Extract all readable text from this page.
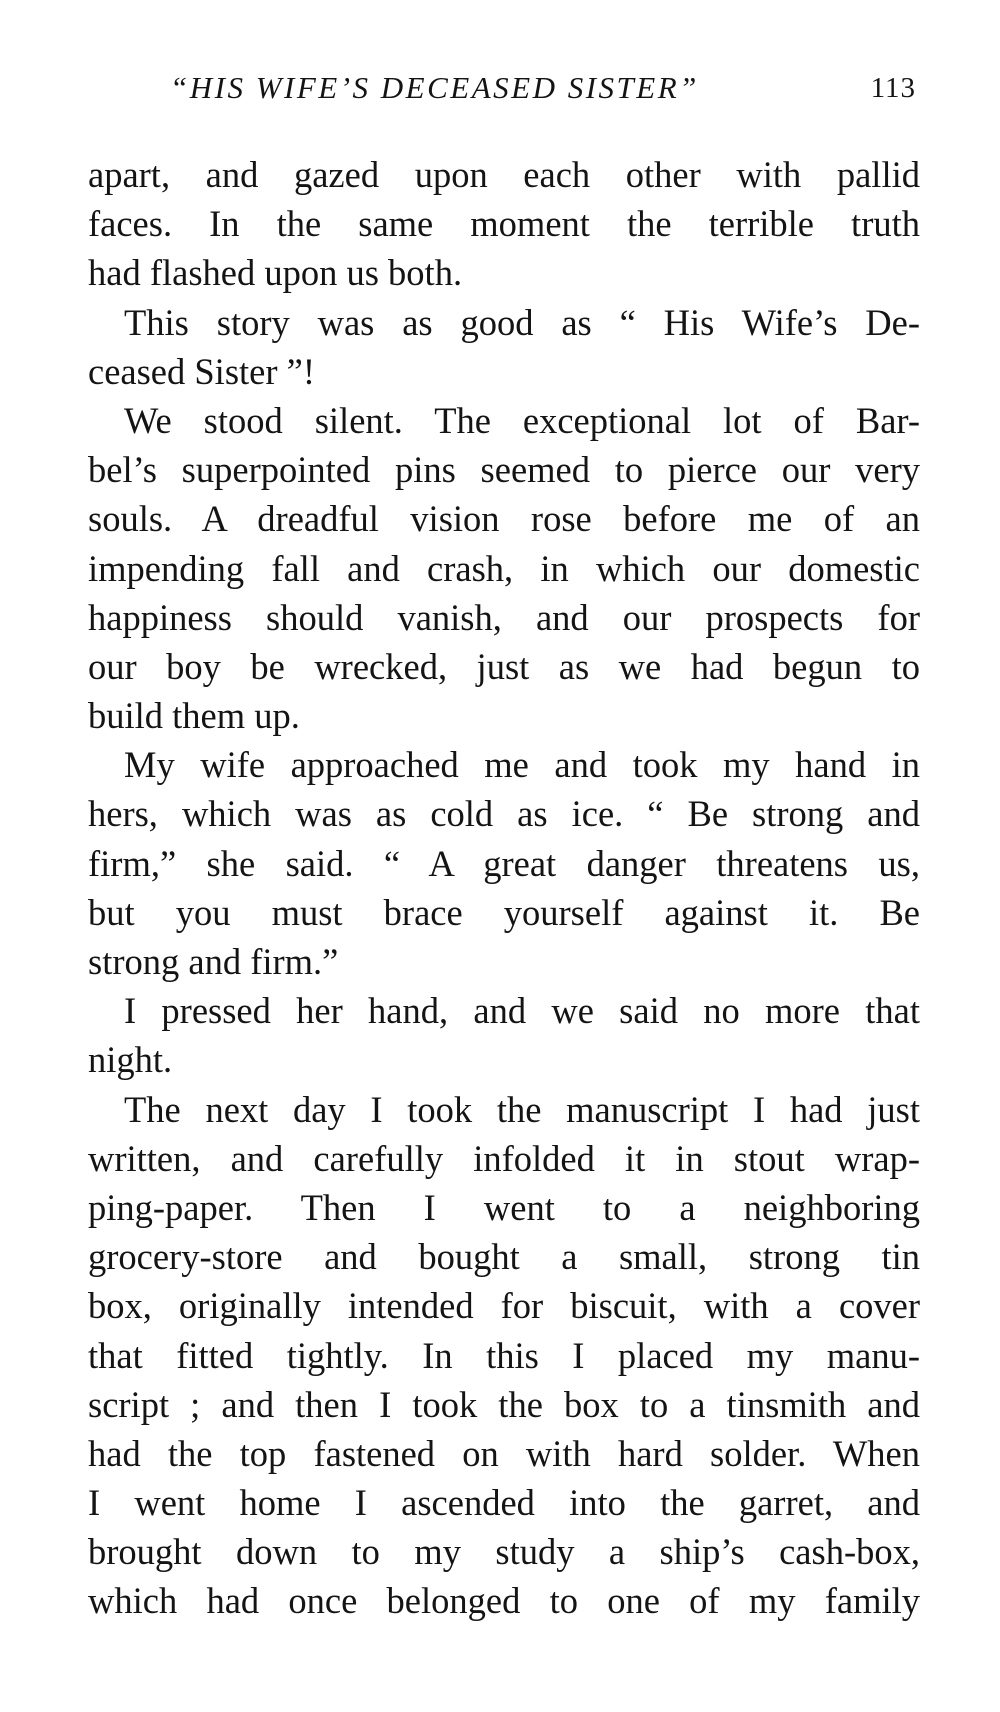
“HIS WIFE’S DECEASED SISTER”	113
apart, and gazed upon each other with pallid
faces. In the same moment the terrible truth
had flashed upon us both.
This story was as good as “ His Wife’s De-
ceased Sister ”!
We stood silent. The exceptional lot of Bar-
bel’s superpointed pins seemed to pierce our very
souls. A dreadful vision rose before me of an
impending fall and crash, in which our domestic
happiness should vanish, and our prospects for
our boy be wrecked, just as we had begun to
build them up.
My wife approached me and took my hand in
hers, which was as cold as ice. “ Be strong and
firm,” she said. “ A great danger threatens us,
but you must brace yourself against it. Be
strong and firm.”
I pressed her hand, and we said no more that
night.
The next day I took the manuscript I had just
written, and carefully infolded it in stout wrap-
ping-paper. Then I went to a neighboring
grocery-store and bought a small, strong tin
box, originally intended for biscuit, with a cover
that fitted tightly. In this I placed my manu-
script ; and then I took the box to a tinsmith and
had the top fastened on with hard solder. When
I went home I ascended into the garret, and
brought down to my study a ship’s cash-box,
which had once belonged to one of my family
